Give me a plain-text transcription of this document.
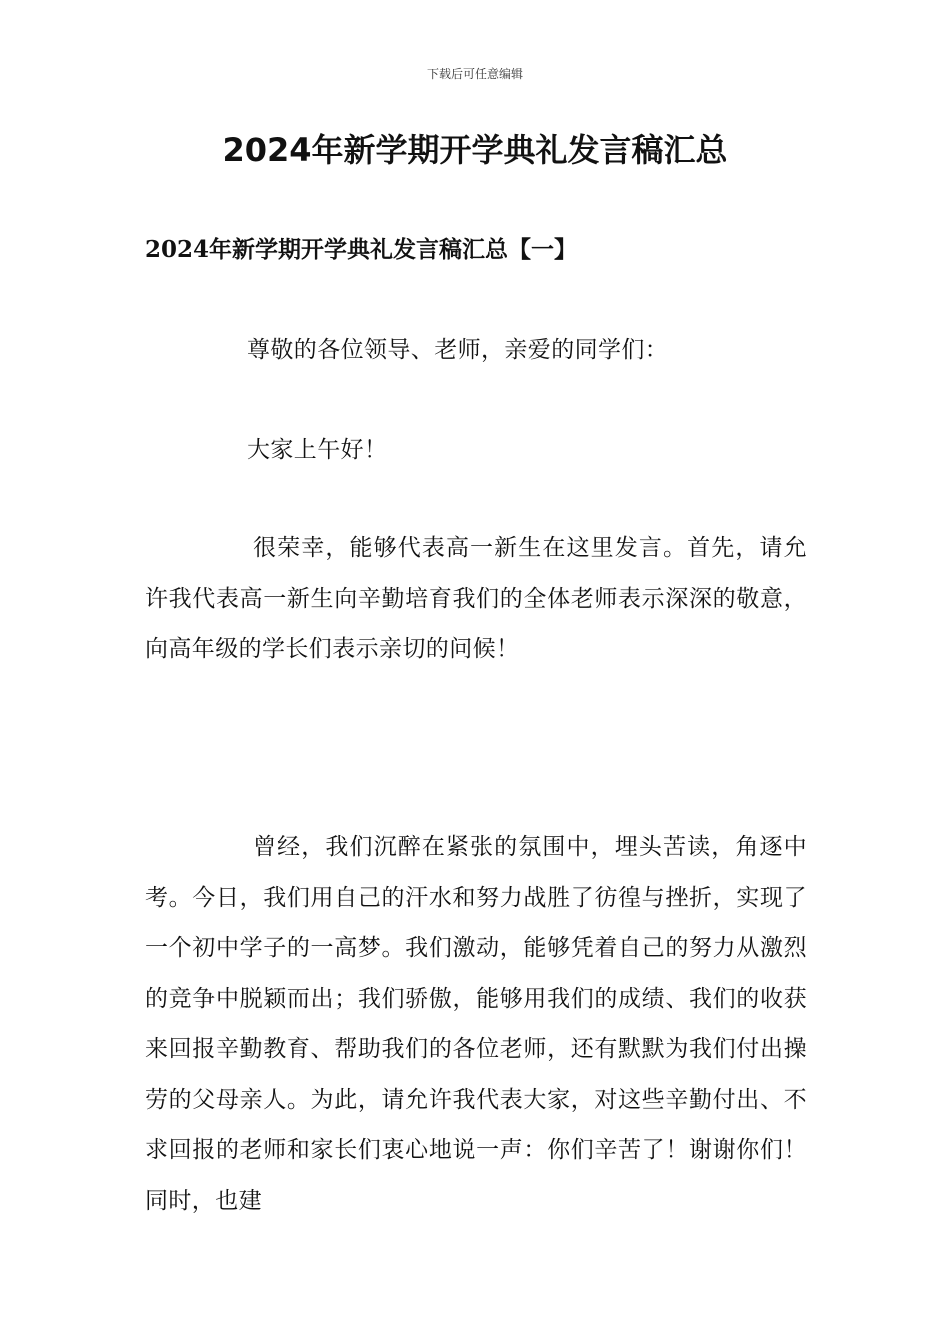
下载后可任意编辑
2024年新学期开学典礼发言稿汇总
2024年新学期开学典礼发言稿汇总【一】

尊敬的各位领导、老师，亲爱的同学们：

大家上午好！

很荣幸，能够代表高一新生在这里发言。首先，请允许我代表高一新生向辛勤培育我们的全体老师表示深深的敬意，向高年级的学长们表示亲切的问候！

曾经，我们沉醉在紧张的氛围中，埋头苦读，角逐中考。今日，我们用自己的汗水和努力战胜了彷徨与挫折，实现了一个初中学子的一高梦。我们激动，能够凭着自己的努力从激烈的竞争中脱颖而出；我们骄傲，能够用我们的成绩、我们的收获来回报辛勤教育、帮助我们的各位老师，还有默默为我们付出操劳的父母亲人。为此，请允许我代表大家，对这些辛勤付出、不求回报的老师和家长们衷心地说一声：你们辛苦了！谢谢你们！同时，也建
